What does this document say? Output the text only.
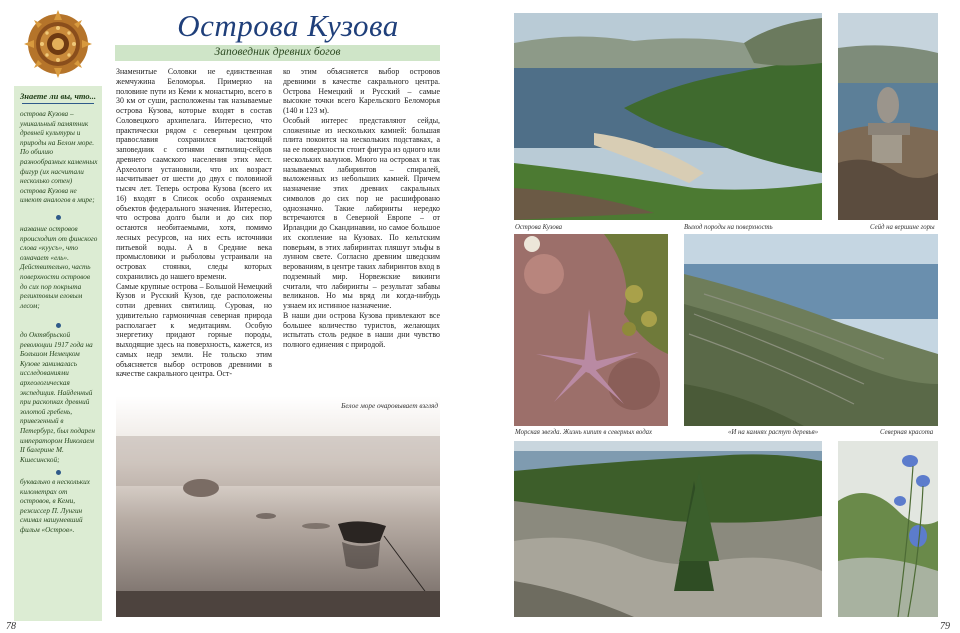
Острова Кузова
Заповедник древних богов
Знаете ли вы, что...
острова Кузова – уникальный памятник древней культуры и природы на Белом море. По обилию разнообразных каменных фигур (их насчитали несколько сотен) острова Кузова не имеют аналогов в мире;
название островов происходит от финского слова «куусъ», что означает «ель». Действительно, часть поверхности островов до сих пор покрыта реликтовым еловым лесом;
до Октябрьской революции 1917 года на Большом Немецком Кузове занималась исследованиями археологическая экспедиция. Найденный при раскопках древний золотой гребень, привезенный в Петербург, был подарен императором Николаем II балерине М. Кшесинской;
буквально в нескольких километрах от островов, в Кеми, режиссер П. Лунгин снимал нашумевший фильм «Остров».
Знаменитые Соловки не единственная жемчужина Беломорья. Примерно на половине пути из Кеми к монастырю, всего в 30 км от суши, расположены так называемые острова Кузова, которые входят в состав Соловецкого архипелага. Интересно, что практически рядом с северным центром православия сохранился настоящий заповедник с сотнями святилищ-сейдов древнего саамского населения этих мест. Археологи установили, что их возраст насчитывает от шести до двух с половиной тысяч лет. Теперь острова Кузова (всего их 16) входят в Список особо охраняемых объектов федерального значения. Интересно, что острова долго были и до сих пор остаются необитаемыми, хотя, помимо лесных ресурсов, на них есть источники питьевой воды. А в Средние века промысловики и рыболовы устраивали на островах стоянки, следы которых сохранились до нашего времени.
Самые крупные острова – Большой Немецкий Кузов и Русский Кузов, где расположены сотни древних святилищ. Суровая, но удивительно гармоничная северная природа располагает к медитациям. Особую энергетику придают горные породы, выходящие здесь на поверхность, кажется, из самых недр земли. Не тольско этим объясняется выбор островов древними в качестве сакрального центра. Ост-
ко этим объясняется выбор островов древними в качестве сакрального центра. Острова Немецкий и Русский – самые высокие точки всего Карельского Беломорья (140 и 123 м).
Особый интерес представляют сейды, сложенные из нескольких камней: большая плита покоится на нескольких подставках, а на ее поверхности стоит фигура из одного или нескольких валунов. Много на островах и так называемых лабиринтов – спиралей, выложенных из небольших камней. Причем назначение этих древних сакральных символов до сих пор не расшифровано однозначно. Такие лабиринты нередко встречаются в Северной Европе – от Ирландии до Скандинавии, но самое большое их скопление на Кузовах. По кельтским поверьям, в этих лабиринтах пляшут эльфы в лунном свете. Согласно древним шведским верованиям, в центре таких лабиринтов вход в подземный мир. Норвежские викинги считали, что лабиринты – результат забавы великанов. Но мы вряд ли когда-нибудь узнаем их истинное назначение.
В наши дни острова Кузова привлекают все большее количество туристов, желающих испытать столь редкое в наши дни чувство полного единения с природой.
Белое море очаровывает взгляд
78
Острова Кузова	Выход породы на поверхность	Сейд на вершине горы
Морская звезда. Жизнь кипит в северных водах	«И на камнях растут деревья»	Северная красота
79
